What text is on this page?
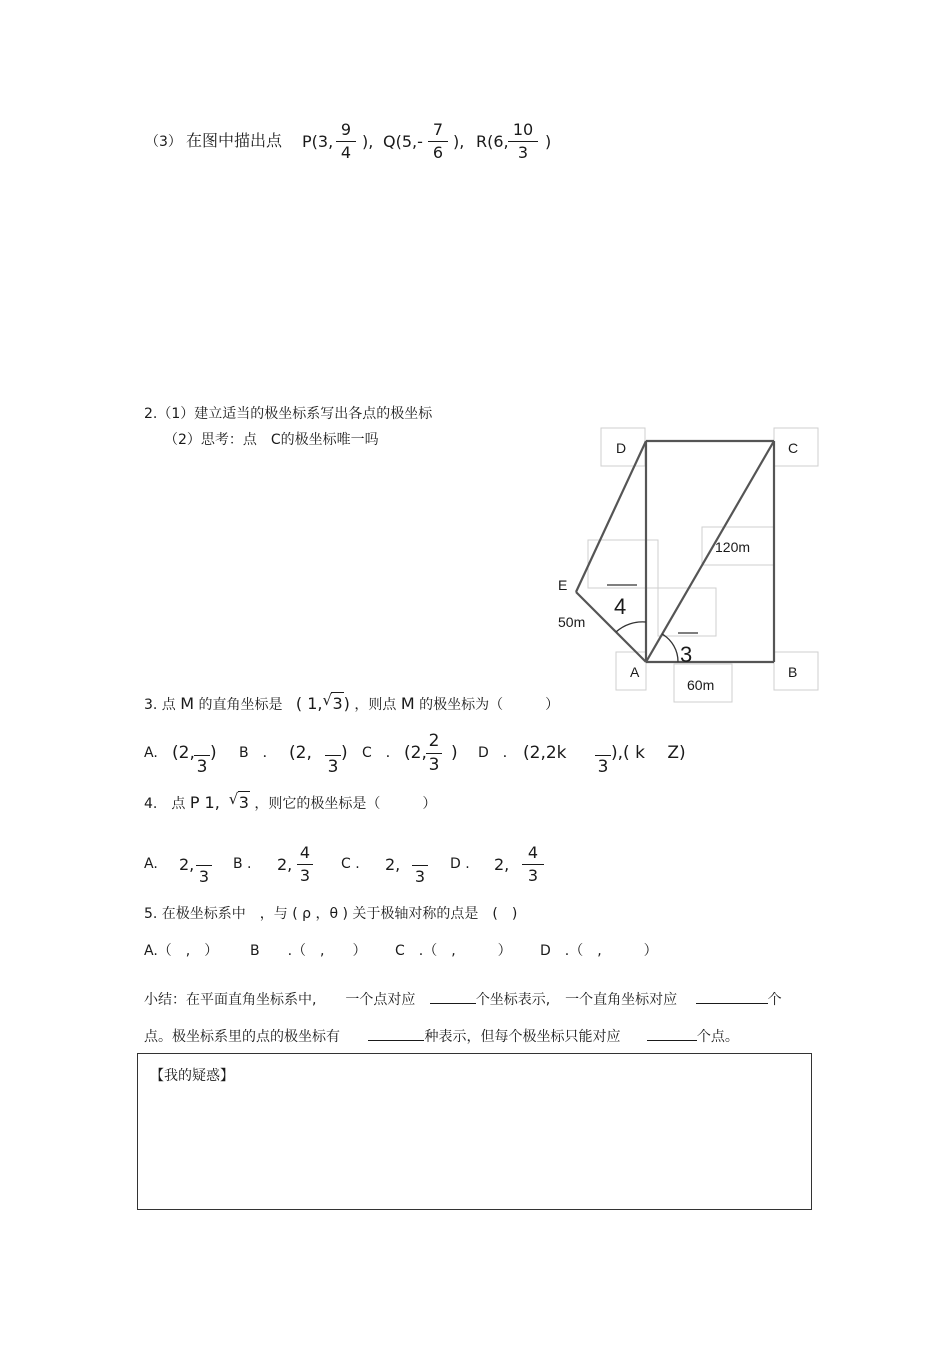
（3） 在图中描出点 P(3,
9
4
), Q(5,-
7
6
), R(6,
10
3
)
2.（1）建立适当的极坐标系写出各点的极坐标
（2）思考：点　C的极坐标唯一吗	D	C
E
A	B
120m
50m
60m
4
3
3. 点 M 的直角坐标是 ( 1, √ 3) ，则点 M 的极坐标为（　　　）
A. (2,
3
) B　． (2,
3
) C　． (2,
2
3
) D　． (2,2k
3
),( k　 Z)
4.　点 P 1, √ 3 ，则它的极坐标是（　　　）
A. 2,
3
B . 2,
4
3
C . 2,
3
D . 2,
4
3
5. 在极坐标系中　，与 ( ρ ，θ ) 关于极轴对称的点是　(　)
A.（　,　） B　　.（　,　　） C　.（　,　　　） D　.（　,　　　）
小结：在平面直角坐标系中, 一个点对应	个坐标表示, 一个直角坐标对应	个
点。极坐标系里的点的极坐标有	种表示，但每个极坐标只能对应	个点。
【我的疑惑】
